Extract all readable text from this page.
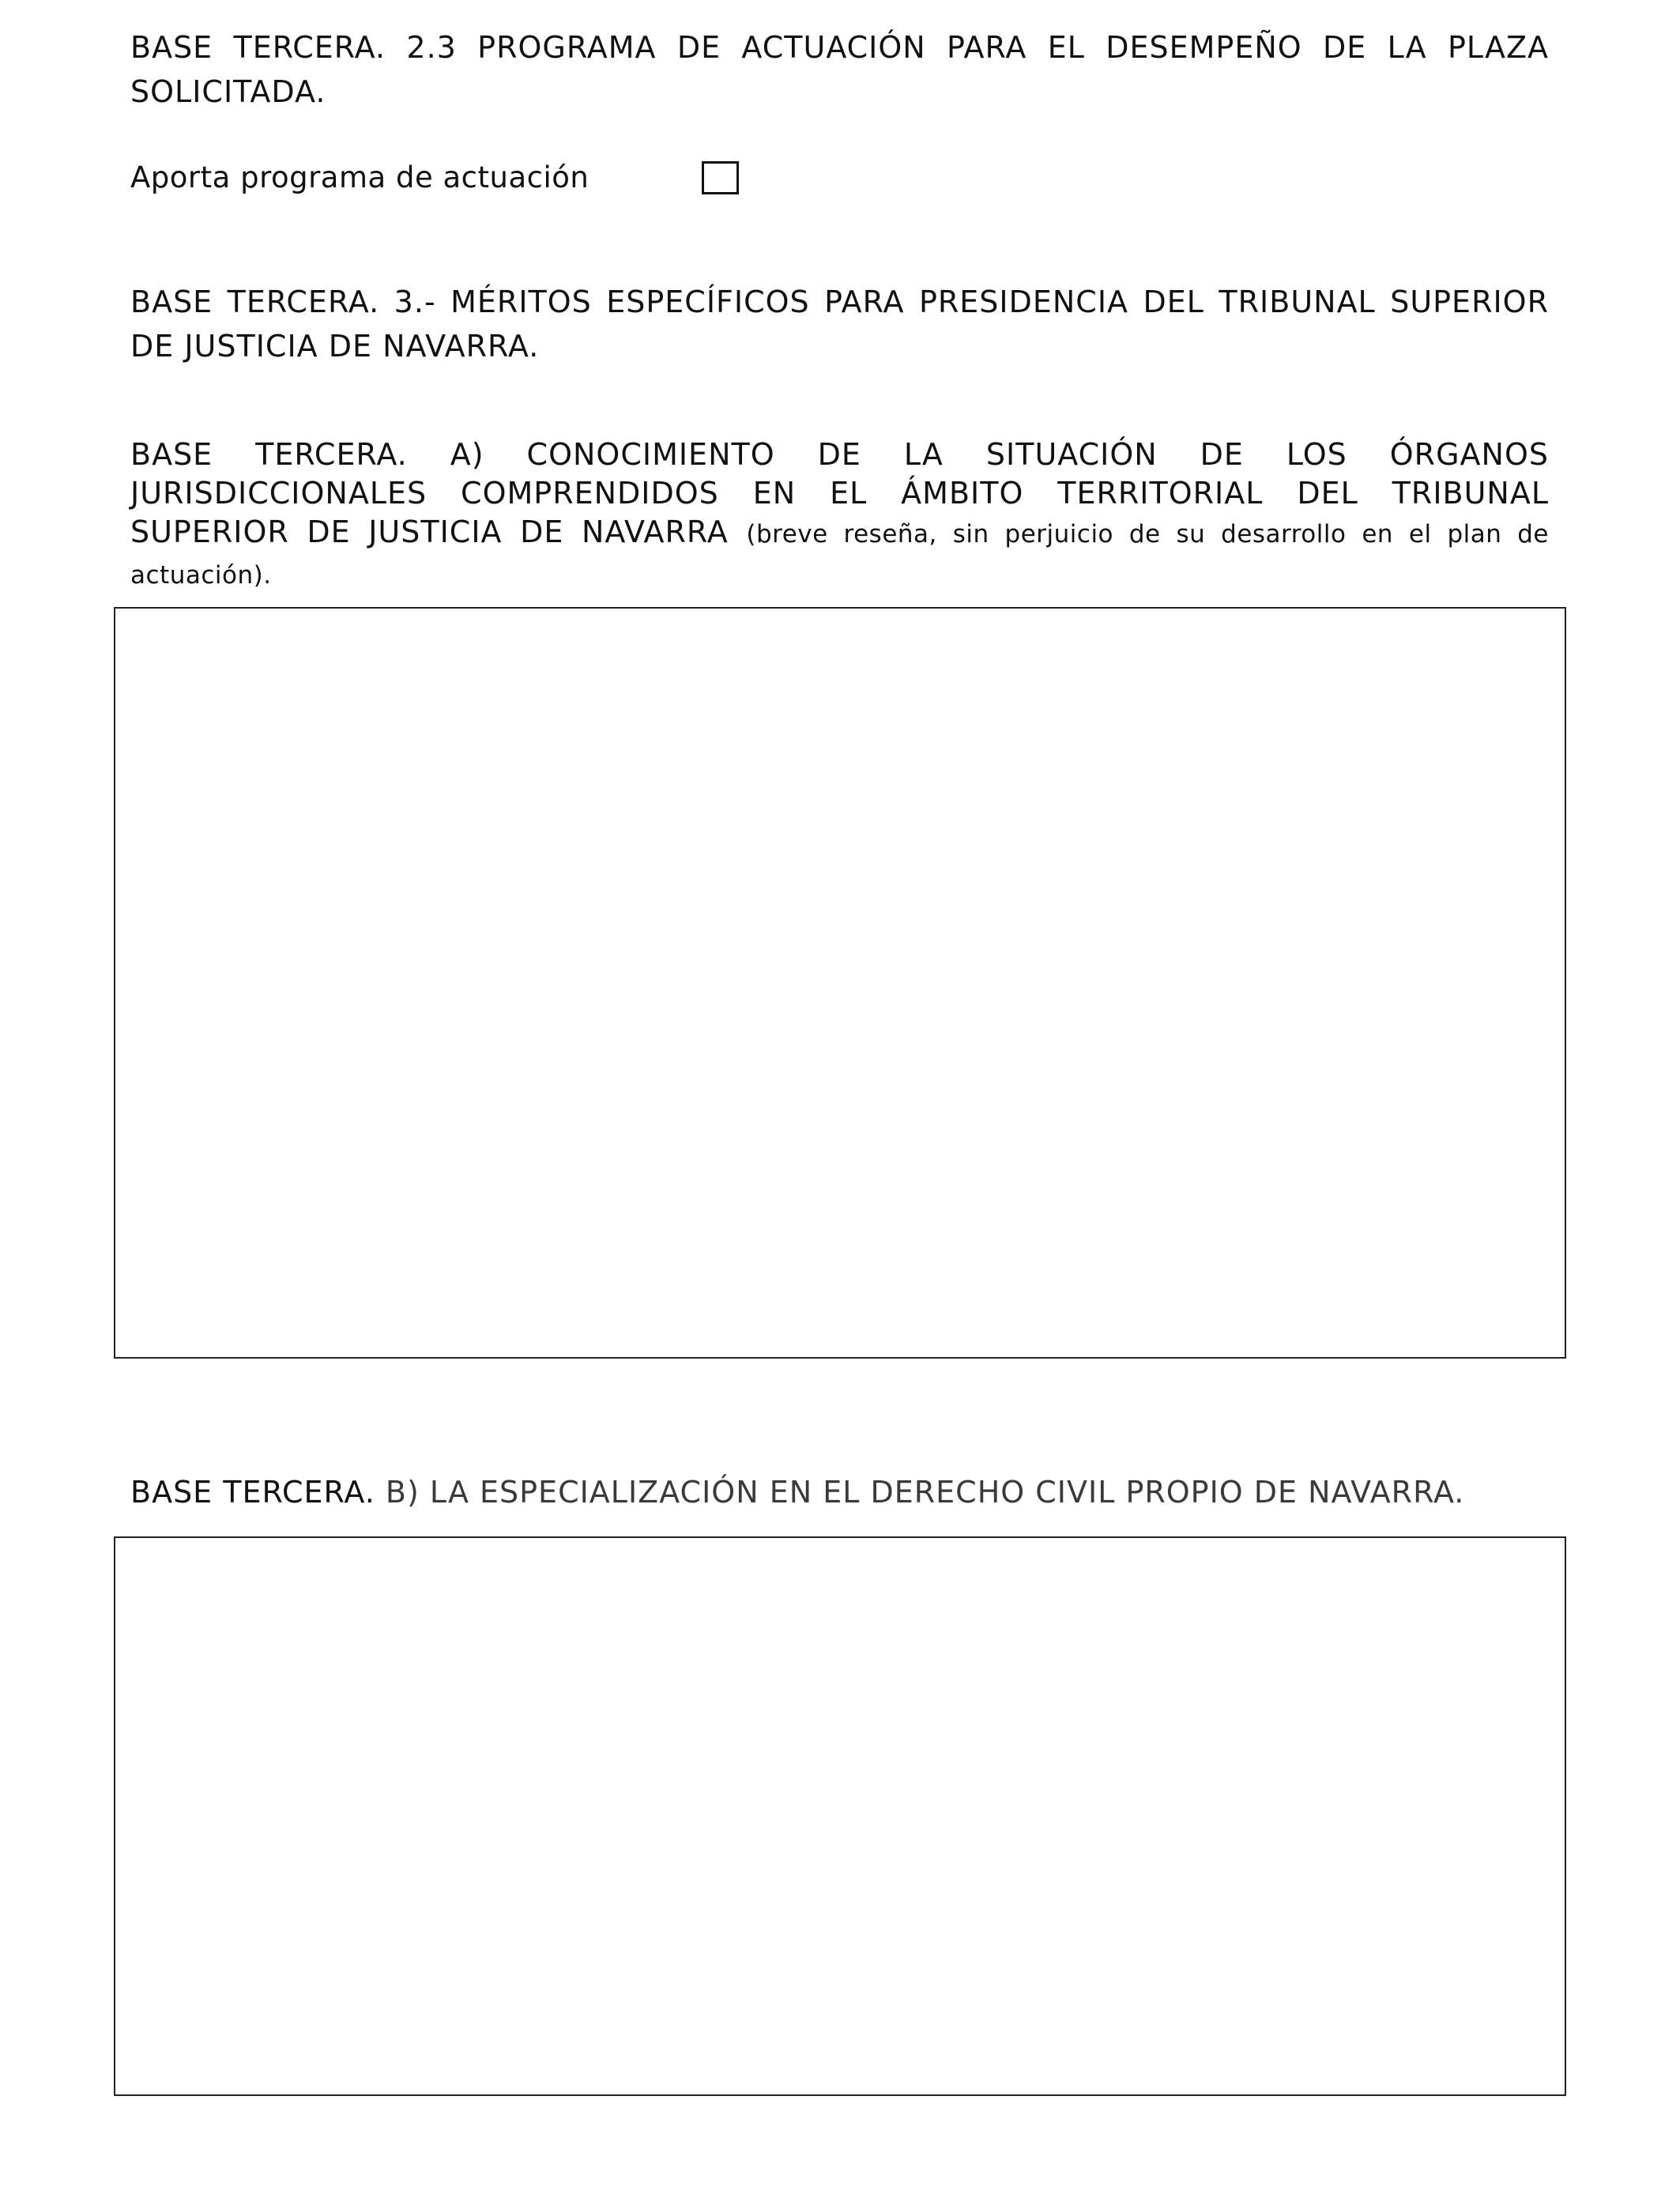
BASE TERCERA. 2.3 PROGRAMA DE ACTUACIÓN PARA EL DESEMPEÑO DE LA PLAZA SOLICITADA.
Aporta programa de actuación
BASE TERCERA. 3.- MÉRITOS ESPECÍFICOS PARA PRESIDENCIA DEL TRIBUNAL SUPERIOR DE JUSTICIA DE NAVARRA.
BASE TERCERA. A) CONOCIMIENTO DE LA SITUACIÓN DE LOS ÓRGANOS JURISDICCIONALES COMPRENDIDOS EN EL ÁMBITO TERRITORIAL DEL TRIBUNAL SUPERIOR DE JUSTICIA DE NAVARRA (breve reseña, sin perjuicio de su desarrollo en el plan de actuación).
BASE TERCERA. B) LA ESPECIALIZACIÓN EN EL DERECHO CIVIL PROPIO DE NAVARRA.
